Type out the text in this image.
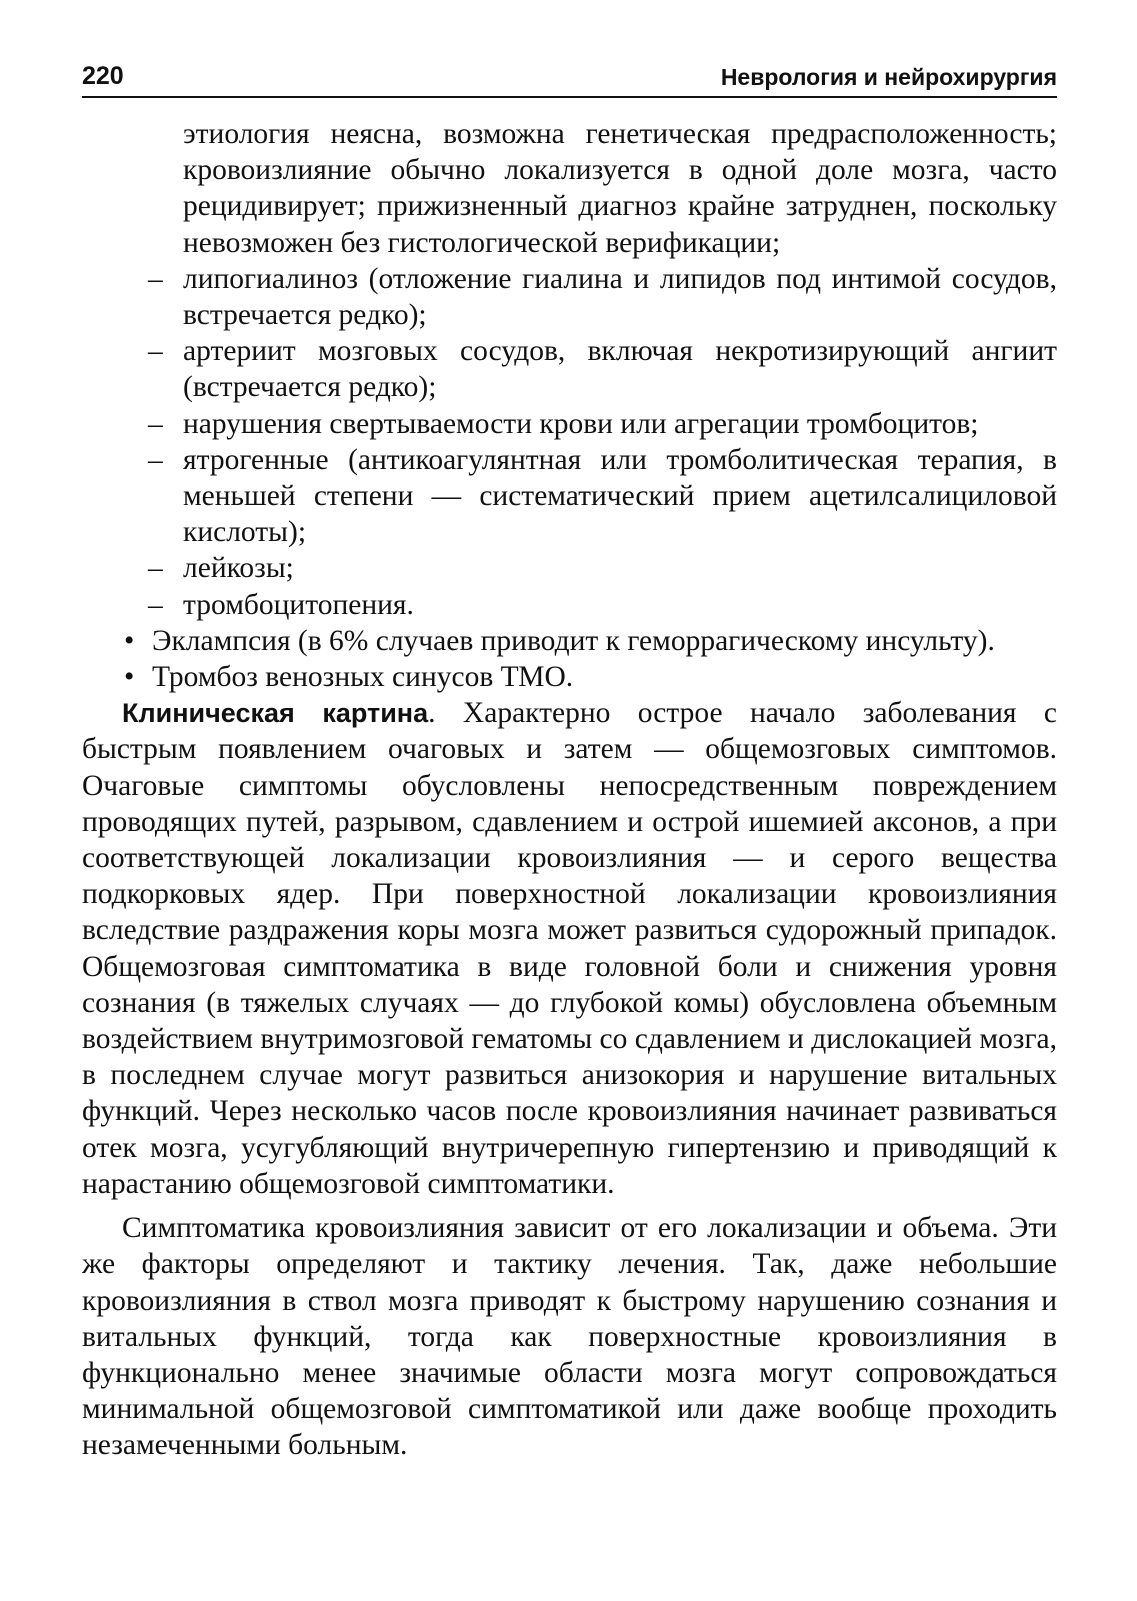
220	Неврология и нейрохирургия

этиология неясна, возможна генетическая предрасположенность; кровоизлияние обычно локализуется в одной доле мозга, часто рецидивирует; прижизненный диагноз крайне затруднен, поскольку невозможен без гистологической верификации;

– липогиалиноз (отложение гиалина и липидов под интимой сосудов, встречается редко);

– артериит мозговых сосудов, включая некротизирующий ангиит (встречается редко);

– нарушения свертываемости крови или агрегации тромбоцитов;

– ятрогенные (антикоагулянтная или тромболитическая терапия, в меньшей степени — систематический прием ацетилсалициловой кислоты);

– лейкозы;

– тромбоцитопения.

• Эклампсия (в 6% случаев приводит к геморрагическому инсульту).

• Тромбоз венозных синусов ТМО.

Клиническая картина. Характерно острое начало заболевания с быстрым появлением очаговых и затем — общемозговых симптомов. Очаговые симптомы обусловлены непосредственным повреждением проводящих путей, разрывом, сдавлением и острой ишемией аксонов, а при соответствующей локализации кровоизлияния — и серого вещества подкорковых ядер. При поверхностной локализации кровоизлияния вследствие раздражения коры мозга может развиться судорожный припадок. Общемозговая симптоматика в виде головной боли и снижения уровня сознания (в тяжелых случаях — до глубокой комы) обусловлена объемным воздействием внутримозговой гематомы со сдавлением и дислокацией мозга, в последнем случае могут развиться анизокория и нарушение витальных функций. Через несколько часов после кровоизлияния начинает развиваться отек мозга, усугубляющий внутричерепную гипертензию и приводящий к нарастанию общемозговой симптоматики.

Симптоматика кровоизлияния зависит от его локализации и объема. Эти же факторы определяют и тактику лечения. Так, даже небольшие кровоизлияния в ствол мозга приводят к быстрому нарушению сознания и витальных функций, тогда как поверхностные кровоизлияния в функционально менее значимые области мозга могут сопровождаться минимальной общемозговой симптоматикой или даже вообще проходить незамеченными больным.
